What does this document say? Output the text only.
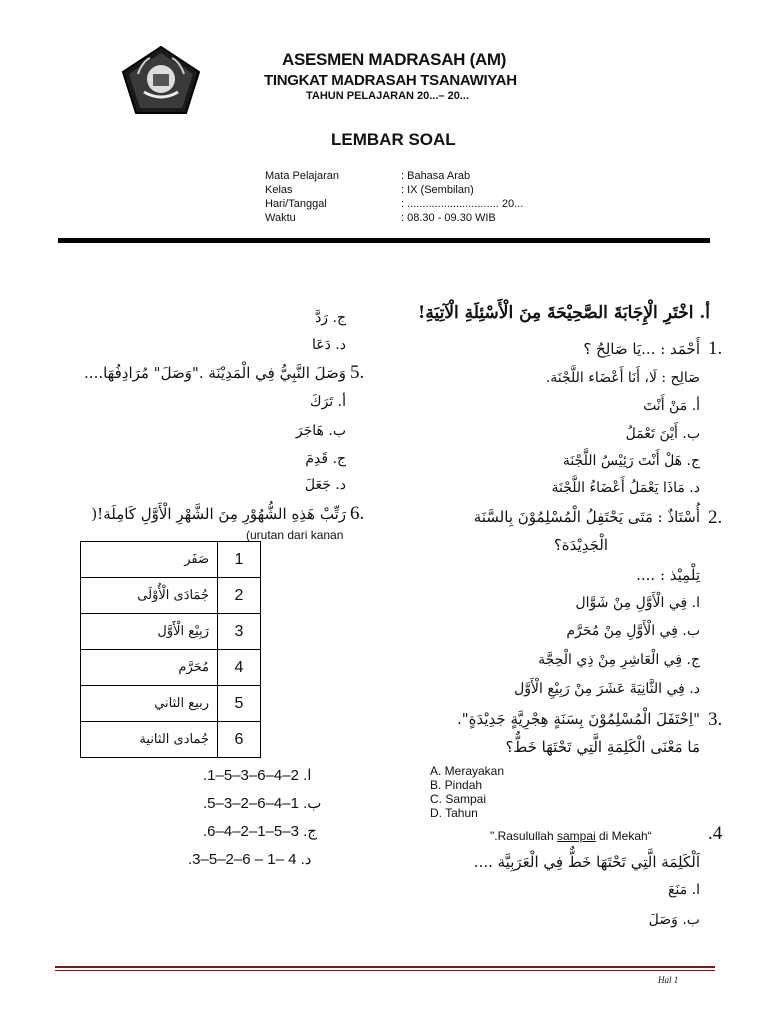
ASESMEN MADRASAH (AM)
TINGKAT MADRASAH TSANAWIYAH
TAHUN PELAJARAN 20...– 20...
LEMBAR SOAL
Mata Pelajaran	: Bahasa Arab
Kelas	: IX (Sembilan)
Hari/Tanggal	: .............................. 20...
Waktu	: 08.30 - 09.30 WIB
أ. اخْتَرِ الْإِجَابَةَ الصَّحِيْحَةَ مِنَ الْأَسْئِلَةِ الْآتِيَةِ!
1.
أَحْمَد : ...يَا صَالِحُ ؟
صَالِح : لَا، أَنَا أَعْضَاء اللَّجْنَة.
أ. مَنْ أَنْتَ
ب. أَيْنَ تَعْمَلُ
ج. هَلْ أَنْتَ رَئِيْسُ اللَّجْنَة
د. مَاذَا يَعْمَلُ أَعْضَاءُ اللَّجْنَة
2.
أُسْتَاذٌ : مَتَى يَحْتَفِلُ الْمُسْلِمُوْنَ بِالسَّنَة
الْجَدِيْدَة؟
تِلْمِيْذ : ....
ا. فِي الْأَوَّلِ مِنْ شَوَّال
ب. فِي الْأَوَّلِ مِنْ مُحَرَّم
ج. فِي الْعَاشِرِ مِنْ ذِي الْحِجَّة
د. فِي الثَّانِيَةَ عَشَرَ مِنْ رَبِيْعِ الْأَوَّل
3.
"اِحْتَفَلَ الْمُسْلِمُوْنَ بِسَنَةٍ هِجْرِيَّةٍ جَدِيْدَةٍ".
مَا مَعْنَى الْكَلِمَةِ الَّتِي تَحْتَهَا خَطٌّ؟
A. Merayakan
B. Pindah
C. Sampai
D. Tahun
.4
".Rasulullah sampai di Mekah“
اَلْكَلِمَة الَّتِي تَحْتَهَا خَطٌّ فِي الْعَرَبِيَّة ....
ا. مَنَعَ
ب. وَصَلَ
ج. رَدَّ
د. دَعَا
5.
وَصَلَ النَّبِيُّ فِي الْمَدِيْنَة ."وَصَلَ" مُرَادِفُهَا....
أ. تَرَكَ
ب. هَاجَرَ
ج. قَدِمَ
د. جَعَلَ
6.
رَتِّبْ هَذِهِ الشُّهُوْرِ مِنَ الشَّهْرِ الْأَوَّلِ كَامِلَة!(
(urutan dari kanan
صَفَر	1
جُمَادَى الْأُوْلَى	2
رَبِيْع الْأَوَّل	3
مُحَرَّم	4
ربيع الثاني	5
جُمادى الثانية	6
.1–5–3–6–4–2 .ا
.5–3–2–6–4–1 .ب
.6–4–2–1–5–3 .ج
.3–5–2–6 – 1– 4 .د
Hal 1
